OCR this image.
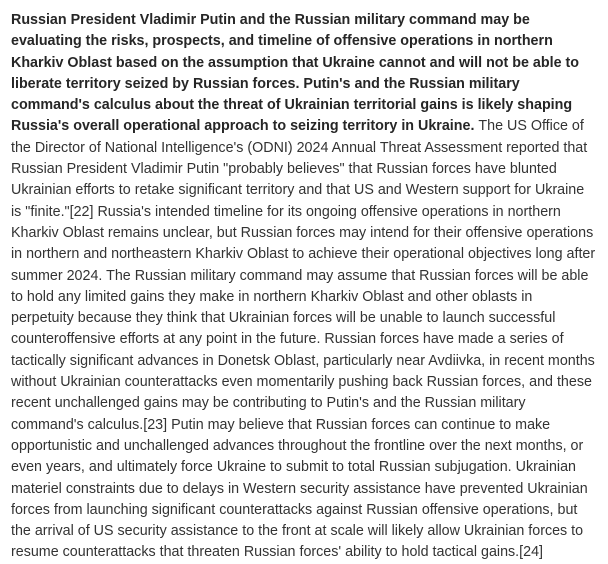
Russian President Vladimir Putin and the Russian military command may be evaluating the risks, prospects, and timeline of offensive operations in northern Kharkiv Oblast based on the assumption that Ukraine cannot and will not be able to liberate territory seized by Russian forces. Putin's and the Russian military command's calculus about the threat of Ukrainian territorial gains is likely shaping Russia's overall operational approach to seizing territory in Ukraine. The US Office of the Director of National Intelligence's (ODNI) 2024 Annual Threat Assessment reported that Russian President Vladimir Putin "probably believes" that Russian forces have blunted Ukrainian efforts to retake significant territory and that US and Western support for Ukraine is "finite."[22] Russia's intended timeline for its ongoing offensive operations in northern Kharkiv Oblast remains unclear, but Russian forces may intend for their offensive operations in northern and northeastern Kharkiv Oblast to achieve their operational objectives long after summer 2024. The Russian military command may assume that Russian forces will be able to hold any limited gains they make in northern Kharkiv Oblast and other oblasts in perpetuity because they think that Ukrainian forces will be unable to launch successful counteroffensive efforts at any point in the future. Russian forces have made a series of tactically significant advances in Donetsk Oblast, particularly near Avdiivka, in recent months without Ukrainian counterattacks even momentarily pushing back Russian forces, and these recent unchallenged gains may be contributing to Putin's and the Russian military command's calculus.[23] Putin may believe that Russian forces can continue to make opportunistic and unchallenged advances throughout the frontline over the next months, or even years, and ultimately force Ukraine to submit to total Russian subjugation. Ukrainian materiel constraints due to delays in Western security assistance have prevented Ukrainian forces from launching significant counterattacks against Russian offensive operations, but the arrival of US security assistance to the front at scale will likely allow Ukrainian forces to resume counterattacks that threaten Russian forces' ability to hold tactical gains.[24]
